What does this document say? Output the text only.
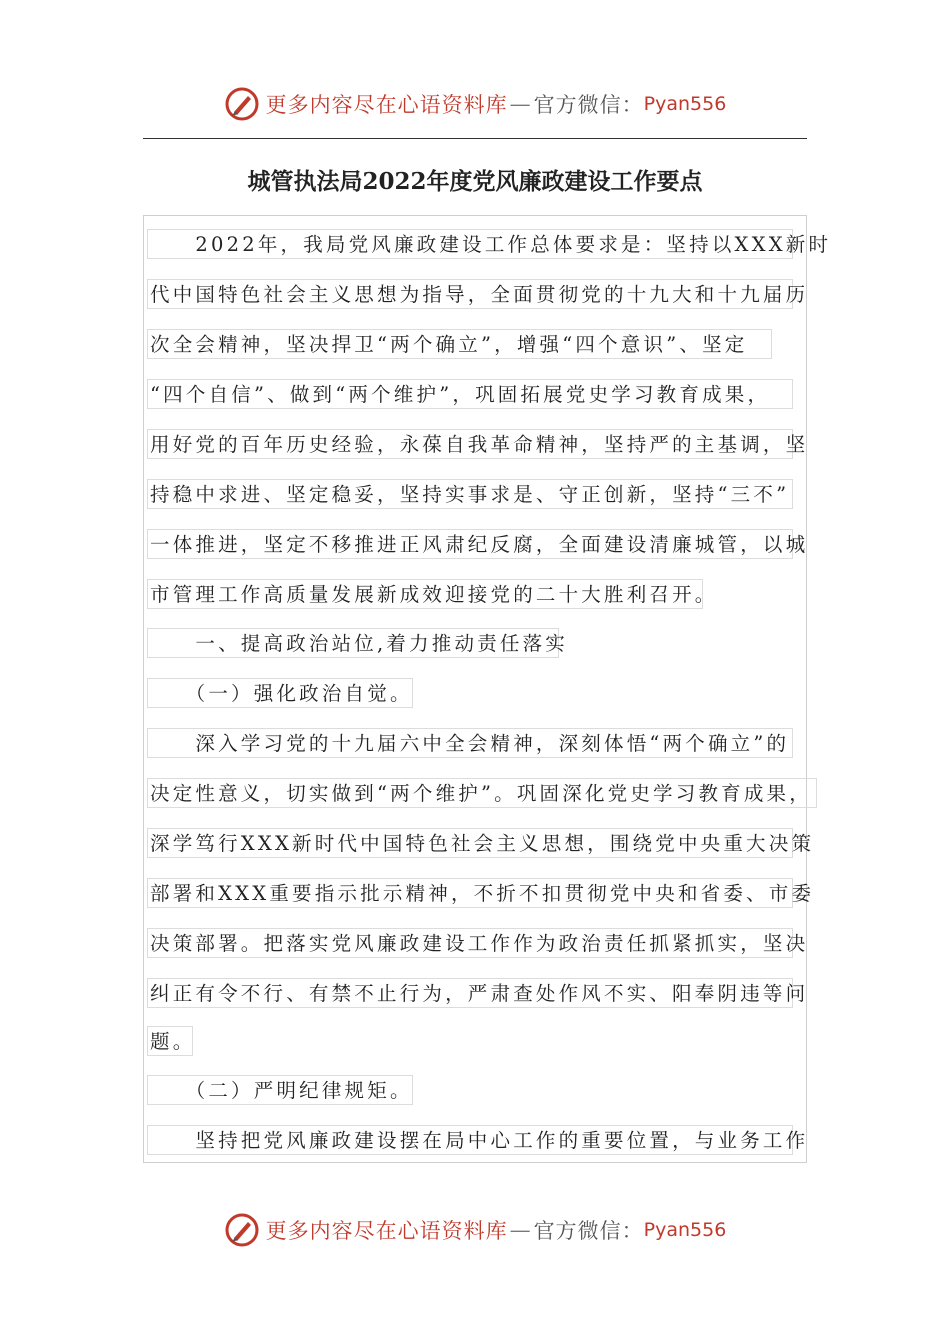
更多内容尽在心语资料库 — 官方微信： Pyan556
城管执法局2022年度党风廉政建设工作要点
　　2022年，我局党风廉政建设工作总体要求是：坚持以XXX新时
代中国特色社会主义思想为指导，全面贯彻党的十九大和十九届历
次全会精神，坚决捍卫“两个确立”，增强“四个意识”、坚定
“四个自信”、做到“两个维护”，巩固拓展党史学习教育成果，
用好党的百年历史经验，永葆自我革命精神，坚持严的主基调，坚
持稳中求进、坚定稳妥，坚持实事求是、守正创新，坚持“三不”
一体推进，坚定不移推进正风肃纪反腐，全面建设清廉城管，以城
市管理工作高质量发展新成效迎接党的二十大胜利召开。
　　一、提高政治站位,着力推动责任落实
　　（一）强化政治自觉。
　　深入学习党的十九届六中全会精神，深刻体悟“两个确立”的
决定性意义，切实做到“两个维护”。巩固深化党史学习教育成果，
深学笃行XXX新时代中国特色社会主义思想，围绕党中央重大决策
部署和XXX重要指示批示精神，不折不扣贯彻党中央和省委、市委
决策部署。把落实党风廉政建设工作作为政治责任抓紧抓实，坚决
纠正有令不行、有禁不止行为，严肃查处作风不实、阳奉阴违等问
题。
　　（二）严明纪律规矩。
　　坚持把党风廉政建设摆在局中心工作的重要位置，与业务工作
更多内容尽在心语资料库 — 官方微信： Pyan556
